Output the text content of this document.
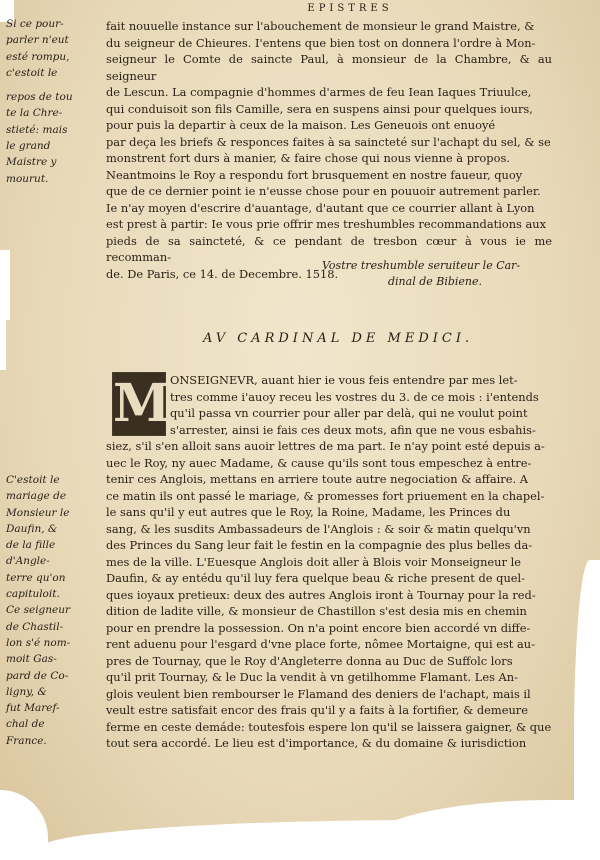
EPISTRES
Si ce pour-
parler n'eut
esté rompu,
c'estoit le
repos de tou
te la Chre-
stieté: mais
le grand
Maistre y
mourut.

fait nouuelle instance sur l'abouchement de monsieur le grand Maistre, &

du seigneur de Chieures. I'entens que bien tost on donnera l'ordre à Mon-

seigneur le Comte de saincte Paul, à monsieur de la Chambre, & au seigneur

de Lescun. La compagnie d'hommes d'armes de feu Iean Iaques Triuulce,

qui conduisoit son fils Camille, sera en suspens ainsi pour quelques iours,

pour puis la departir à ceux de la maison. Les Geneuois ont enuoyé

par deça les briefs & responces faites à sa saincteté sur l'achapt du sel, & se

monstrent fort durs à manier, & faire chose qui nous vienne à propos.

Neantmoins le Roy a respondu fort brusquement en nostre faueur, quoy

que de ce dernier point ie n'eusse chose pour en pouuoir autrement parler.

Ie n'ay moyen d'escrire d'auantage, d'autant que ce courrier allant à Lyon

est prest à partir: Ie vous prie offrir mes treshumbles recommandations aux

pieds de sa saincteté, & ce pendant de tresbon cœur à vous ie me recomman-

de. De Paris, ce 14. de Decembre. 1518.

Vostre treshumble seruiteur le Car-
dinal de Bibiene.
AV CARDINAL DE MEDICI.
M ONSEIGNEVR, auant hier ie vous feis entendre par mes let-

tres comme i'auoy receu les vostres du 3. de ce mois : i'entends

qu'il passa vn courrier pour aller par delà, qui ne voulut point

s'arrester, ainsi ie fais ces deux mots, afin que ne vous esbahis-

siez, s'il s'en alloit sans auoir lettres de ma part. Ie n'ay point esté depuis a-

uec le Roy, ny auec Madame, & cause qu'ils sont tous empeschez à entre-

tenir ces Anglois, mettans en arriere toute autre negociation & affaire. A

ce matin ils ont passé le mariage, & promesses fort priuement en la chapel-

le sans qu'il y eut autres que le Roy, la Roine, Madame, les Princes du

sang, & les susdits Ambassadeurs de l'Anglois : & soir & matin quelqu'vn

des Princes du Sang leur fait le festin en la compagnie des plus belles da-

mes de la ville. L'Euesque Anglois doit aller à Blois voir Monseigneur le

Daufin, & ay entédu qu'il luy fera quelque beau & riche present de quel-

ques ioyaux pretieux: deux des autres Anglois iront à Tournay pour la red-

dition de ladite ville, & monsieur de Chastillon s'est desia mis en chemin

pour en prendre la possession. On n'a point encore bien accordé vn diffe-

rent aduenu pour l'esgard d'vne place forte, nômee Mortaigne, qui est au-

pres de Tournay, que le Roy d'Angleterre donna au Duc de Suffolc lors

qu'il prit Tournay, & le Duc la vendit à vn getilhomme Flamant. Les An-

glois veulent bien rembourser le Flamand des deniers de l'achapt, mais il

veult estre satisfait encor des frais qu'il y a faits à la fortifier, & demeure

ferme en ceste demáde: toutesfois espere lon qu'il se laissera gaigner, & que

tout sera accordé. Le lieu est d'importance, & du domaine & iurisdiction

C'estoit le
mariage de
Monsieur le
Daufin, &
de la fille
d'Angle-
terre qu'on
capituloit.
Ce seigneur
de Chastil-
lon s'é nom-
moit Gas-
pard de Co-
ligny, &
fut Maref-
chal de
France.
